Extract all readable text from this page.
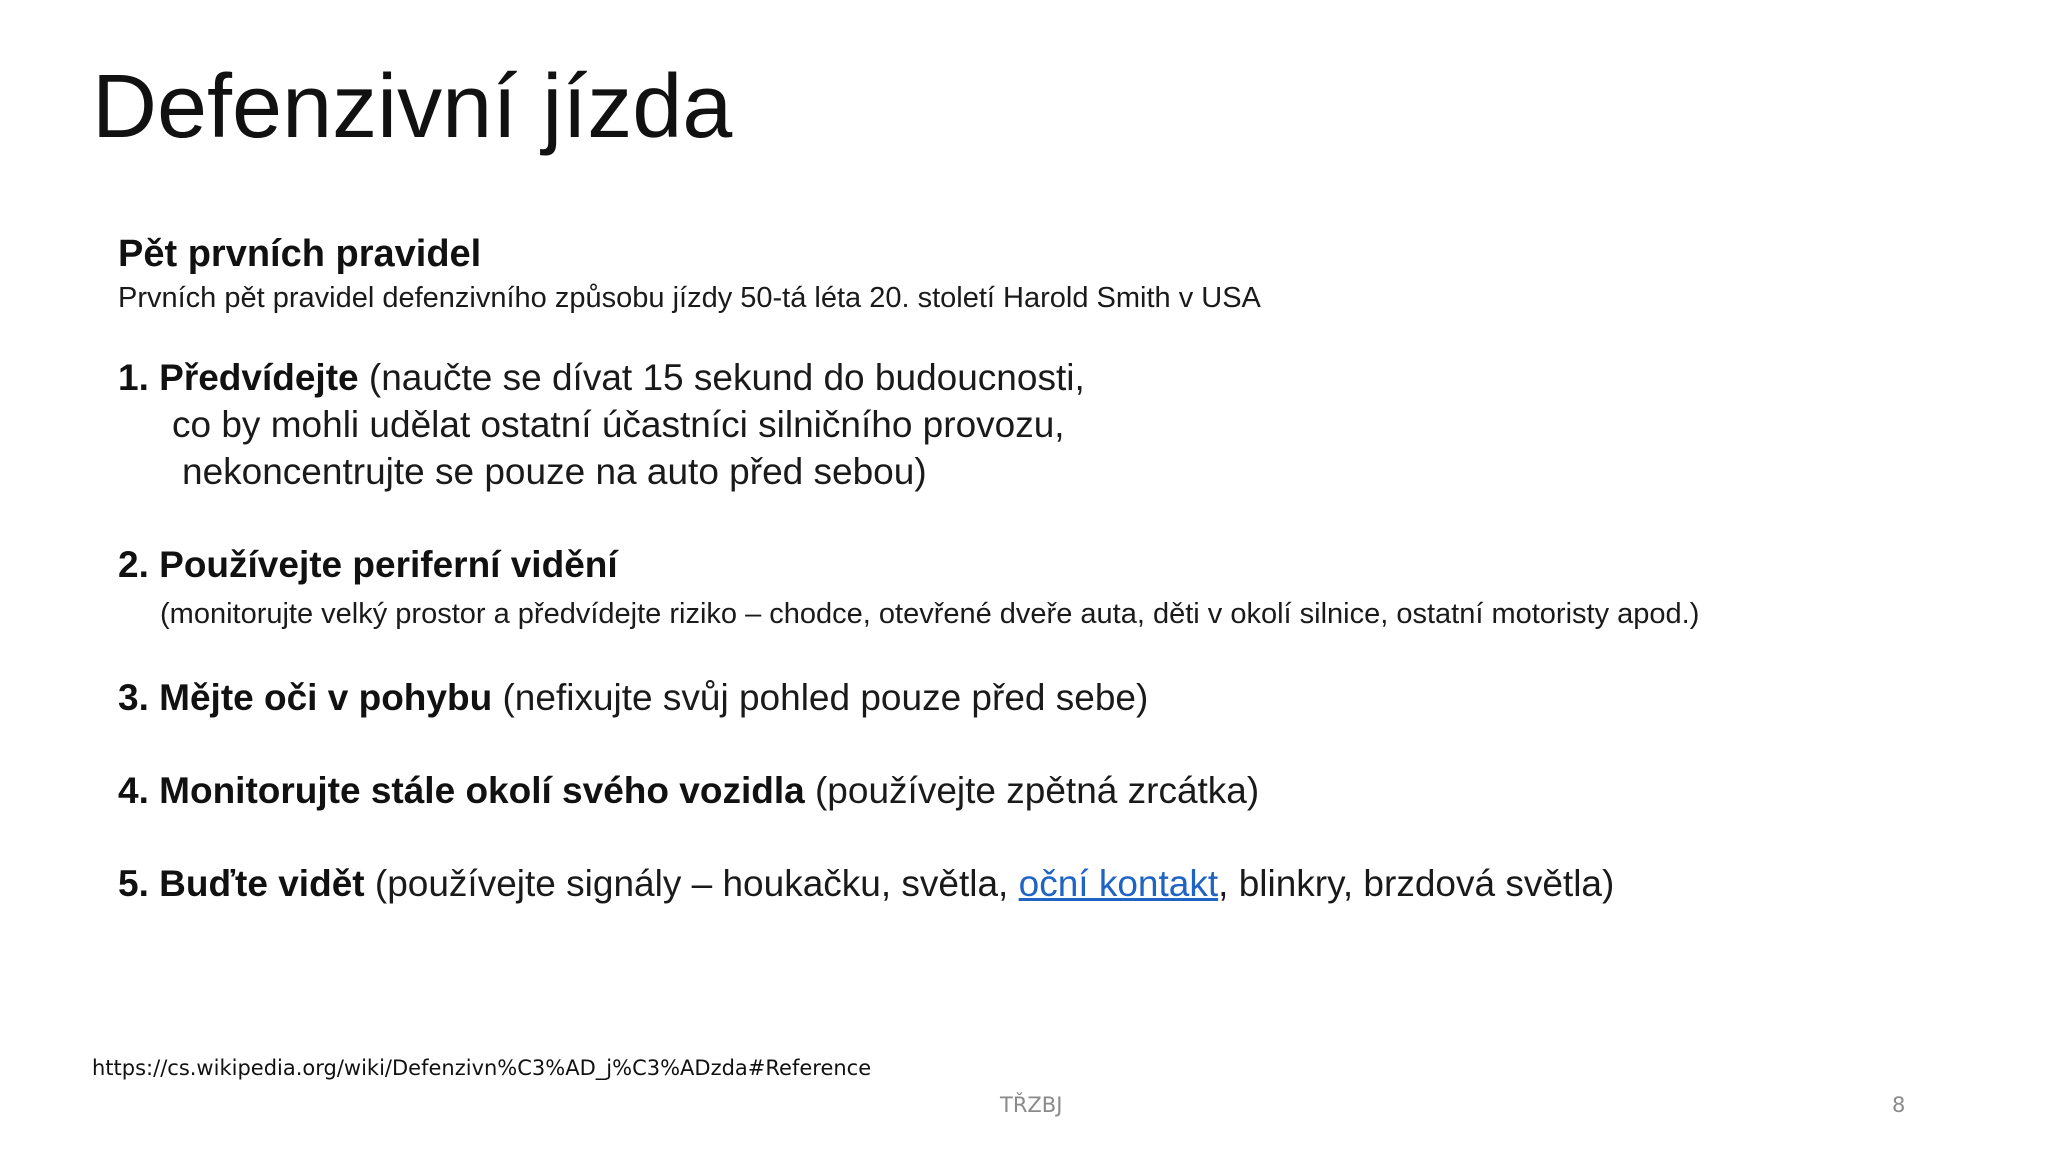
Defenzivní jízda
Pět prvních pravidel
Prvních pět pravidel defenzivního způsobu jízdy 50-tá léta 20. století Harold Smith v USA
1. Předvídejte (naučte se dívat 15 sekund do budoucnosti,
co by mohli udělat ostatní účastníci silničního provozu,
nekoncentrujte se pouze na auto před sebou)
2. Používejte periferní vidění
(monitorujte velký prostor a předvídejte riziko – chodce, otevřené dveře auta, děti v okolí silnice, ostatní motoristy apod.)
3. Mějte oči v pohybu (nefixujte svůj pohled pouze před sebe)
4. Monitorujte stále okolí svého vozidla (používejte zpětná zrcátka)
5. Buďte vidět (používejte signály – houkačku, světla, oční kontakt, blinkry, brzdová světla)
https://cs.wikipedia.org/wiki/Defenzivn%C3%AD_j%C3%ADzda#Reference
TŘZBJ	8
